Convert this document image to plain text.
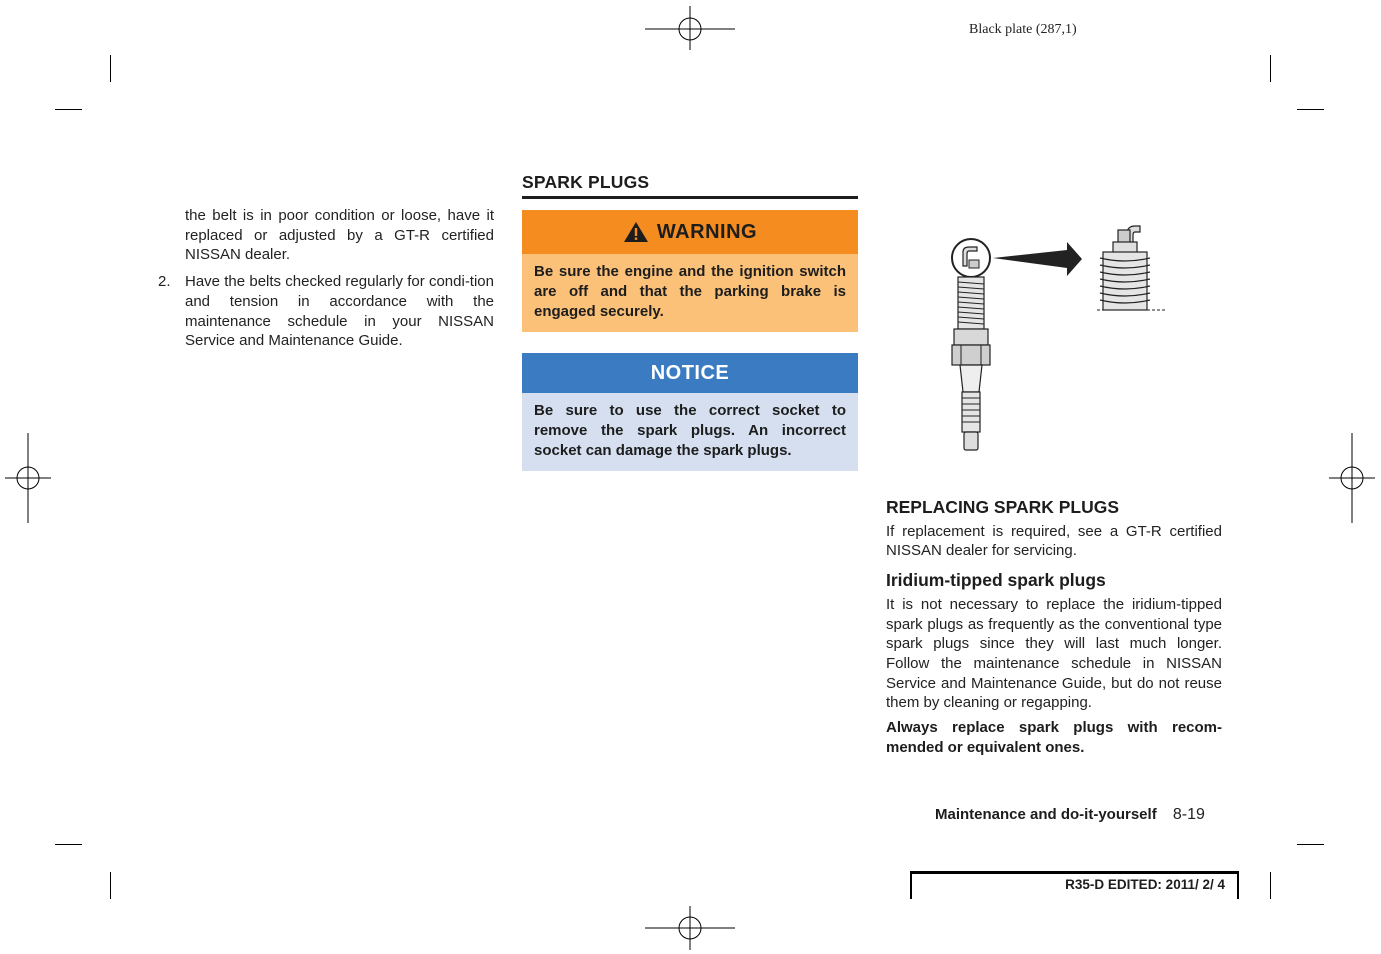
Black plate (287,1)

the belt is in poor condition or loose, have it replaced or adjusted by a GT-R certified NISSAN dealer.

2. Have the belts checked regularly for condi-tion and tension in accordance with the maintenance schedule in your NISSAN Service and Maintenance Guide.
SPARK PLUGS
WARNING
Be sure the engine and the ignition switch are off and that the parking brake is engaged securely.
NOTICE
Be sure to use the correct socket to remove the spark plugs. An incorrect socket can damage the spark plugs.
REPLACING SPARK PLUGS

If replacement is required, see a GT-R certified NISSAN dealer for servicing.

Iridium-tipped spark plugs

It is not necessary to replace the iridium-tipped spark plugs as frequently as the conventional type spark plugs since they will last much longer. Follow the maintenance schedule in NISSAN Service and Maintenance Guide, but do not reuse them by cleaning or regapping.

Always replace spark plugs with recom-mended or equivalent ones.

Maintenance and do-it-yourself 8-19
R35-D EDITED: 2011/ 2/ 4
